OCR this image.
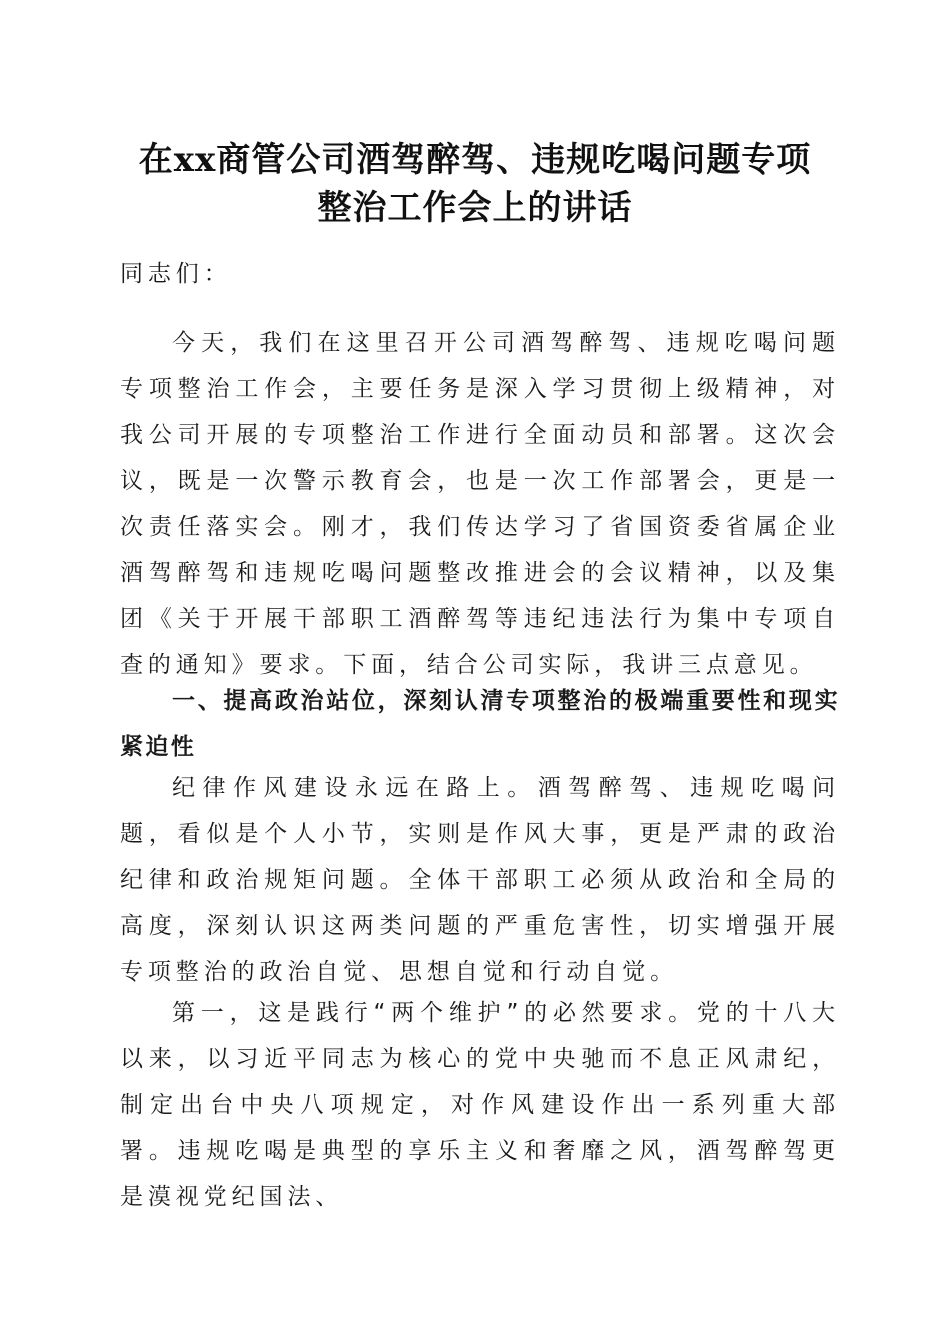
在xx商管公司酒驾醉驾、违规吃喝问题专项
整治工作会上的讲话
同志们：
今天，我们在这里召开公司酒驾醉驾、违规吃喝问题专项整治工作会，主要任务是深入学习贯彻上级精神，对我公司开展的专项整治工作进行全面动员和部署。这次会议，既是一次警示教育会，也是一次工作部署会，更是一次责任落实会。刚才，我们传达学习了省国资委省属企业酒驾醉驾和违规吃喝问题整改推进会的会议精神，以及集团《关于开展干部职工酒醉驾等违纪违法行为集中专项自查的通知》要求。下面，结合公司实际，我讲三点意见。
一、提高政治站位，深刻认清专项整治的极端重要性和现实紧迫性
纪律作风建设永远在路上。酒驾醉驾、违规吃喝问题，看似是个人小节，实则是作风大事，更是严肃的政治纪律和政治规矩问题。全体干部职工必须从政治和全局的高度，深刻认识这两类问题的严重危害性，切实增强开展专项整治的政治自觉、思想自觉和行动自觉。
第一，这是践行“两个维护”的必然要求。党的十八大以来，以习近平同志为核心的党中央驰而不息正风肃纪，制定出台中央八项规定，对作风建设作出一系列重大部署。违规吃喝是典型的享乐主义和奢靡之风，酒驾醉驾更是漠视党纪国法、
